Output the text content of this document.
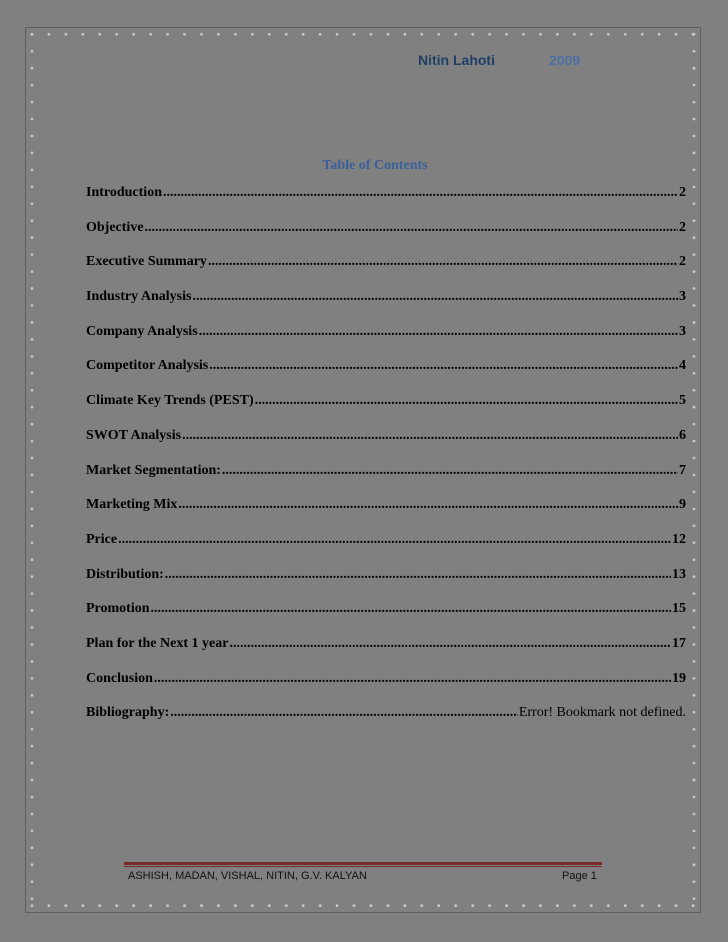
Nitin Lahoti	2009
Table of Contents
Introduction .....	2
Objective .....	2
Executive Summary .....	2
Industry Analysis .....	3
Company Analysis .....	3
Competitor Analysis .....	4
Climate Key Trends (PEST) .....	5
SWOT Analysis .....	6
Market Segmentation: .....	7
Marketing Mix .....	9
Price .....	12
Distribution: .....	13
Promotion .....	15
Plan for the Next 1 year .....	17
Conclusion .....	19
Bibliography: .....	Error! Bookmark not defined.
ASHISH, MADAN, VISHAL, NITIN, G.V. KALYAN	Page 1
